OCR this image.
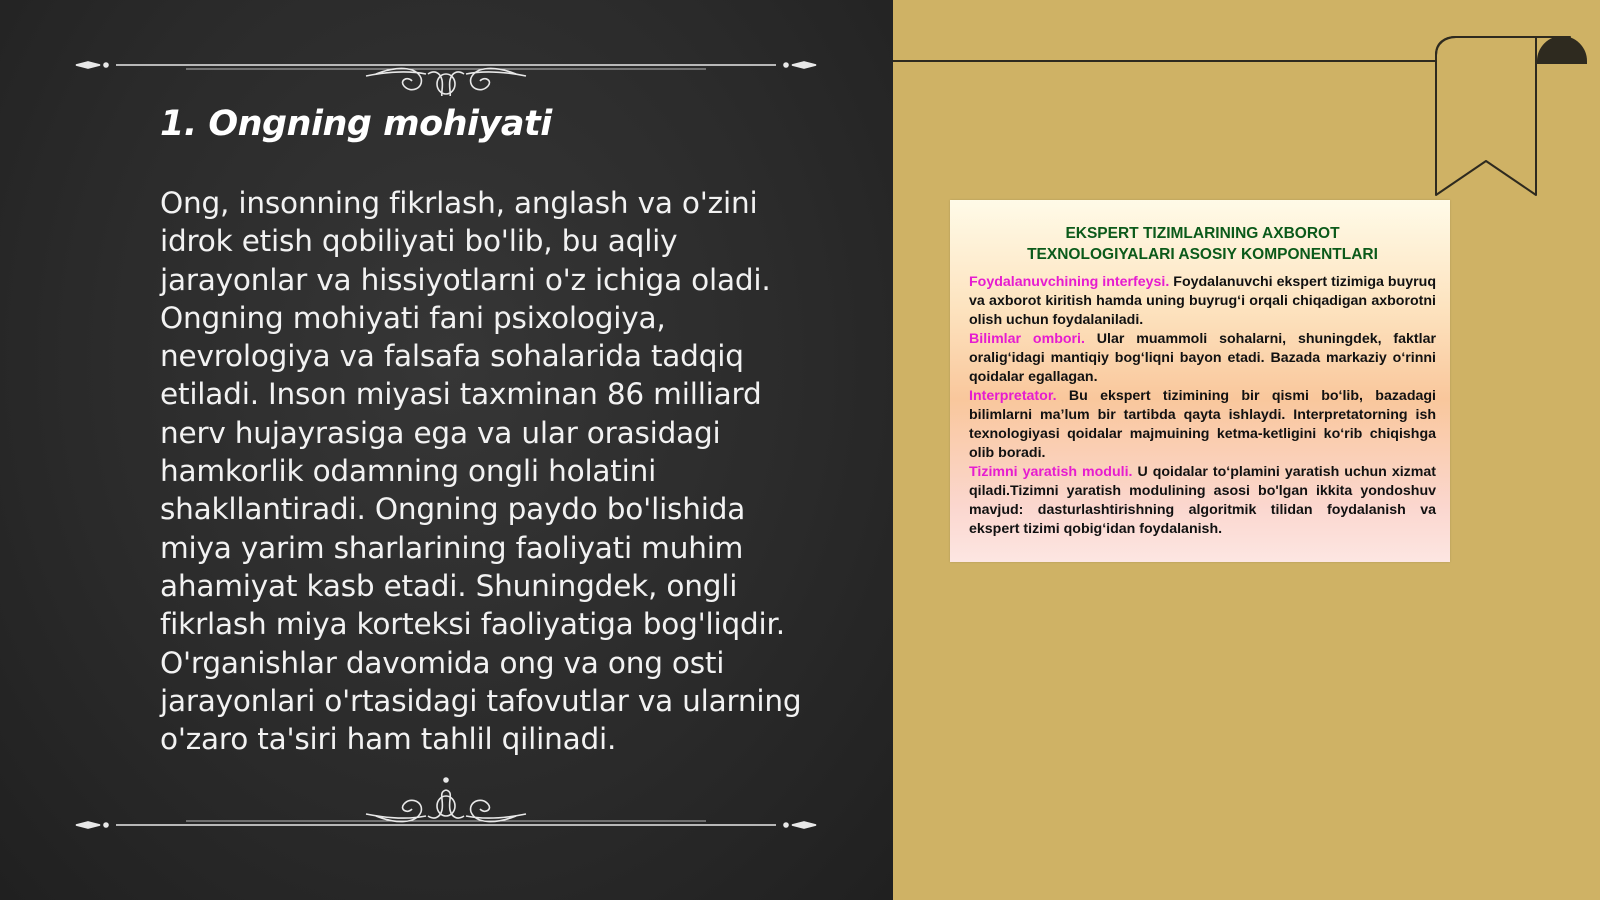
1. Ongning mohiyati

Ong, insonning fikrlash, anglash va o'zini idrok etish qobiliyati bo'lib, bu aqliy jarayonlar va hissiyotlarni o'z ichiga oladi. Ongning mohiyati fani psixologiya, nevrologiya va falsafa sohalarida tadqiq etiladi. Inson miyasi taxminan 86 milliard nerv hujayrasiga ega va ular orasidagi hamkorlik odamning ongli holatini shakllantiradi. Ongning paydo bo'lishida miya yarim sharlarining faoliyati muhim ahamiyat kasb etadi. Shuningdek, ongli fikrlash miya korteksi faoliyatiga bog'liqdir. O'rganishlar davomida ong va ong osti jarayonlari o'rtasidagi tafovutlar va ularning o'zaro ta'siri ham tahlil qilinadi.

EKSPERT TIZIMLARINING AXBOROT
TEXNOLOGIYALARI ASOSIY KOMPONENTLARI

Foydalanuvchining interfeysi. Foydalanuvchi ekspert tizimiga buyruq va axborot kiritish hamda uning buyrug‘i orqali chiqadigan axborotni olish uchun foydalaniladi.

Bilimlar ombori. Ular muammoli sohalarni, shuningdek, faktlar oralig‘idagi mantiqiy bog‘liqni bayon etadi. Bazada markaziy o‘rinni qoidalar egallagan.

Interpretator. Bu ekspert tizimining bir qismi bo‘lib, bazadagi bilimlarni ma’lum bir tartibda qayta ishlaydi. Interpretatorning ish texnologiyasi qoidalar majmuining ketma-ketligini ko‘rib chiqishga olib boradi.

Tizimni yaratish moduli. U qoidalar to‘plamini yaratish uchun xizmat qiladi.Tizimni yaratish modulining asosi bo'lgan ikkita yondoshuv mavjud: dasturlashtirishning algoritmik tilidan foydalanish va ekspert tizimi qobig‘idan foydalanish.
